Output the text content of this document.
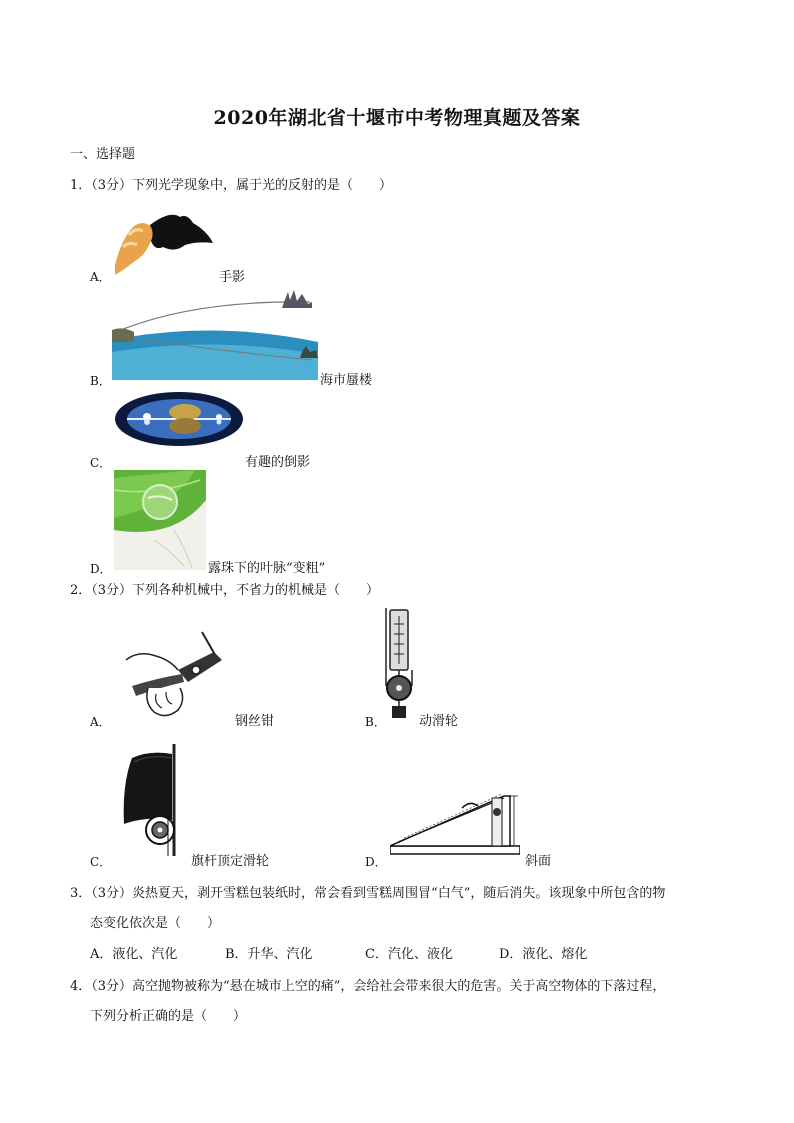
2020年湖北省十堰市中考物理真题及答案
一、选择题
1．（3分）下列光学现象中，属于光的反射的是（　　）
A．	手影
B．	海市蜃楼
C．	有趣的倒影
D．	露珠下的叶脉“变粗”
2．（3分）下列各种机械中，不省力的机械是（　　）
A．	钢丝钳	B．	动滑轮
C．	旗杆顶定滑轮	D．	斜面
3．（3分）炎热夏天，剥开雪糕包装纸时，常会看到雪糕周围冒“白气”，随后消失。该现象中所包含的物
态变化依次是（　　）
A．液化、汽化	B．升华、汽化	C．汽化、液化	D．液化、熔化
4．（3分）高空抛物被称为“悬在城市上空的痛”，会给社会带来很大的危害。关于高空物体的下落过程，
下列分析正确的是（　　）
